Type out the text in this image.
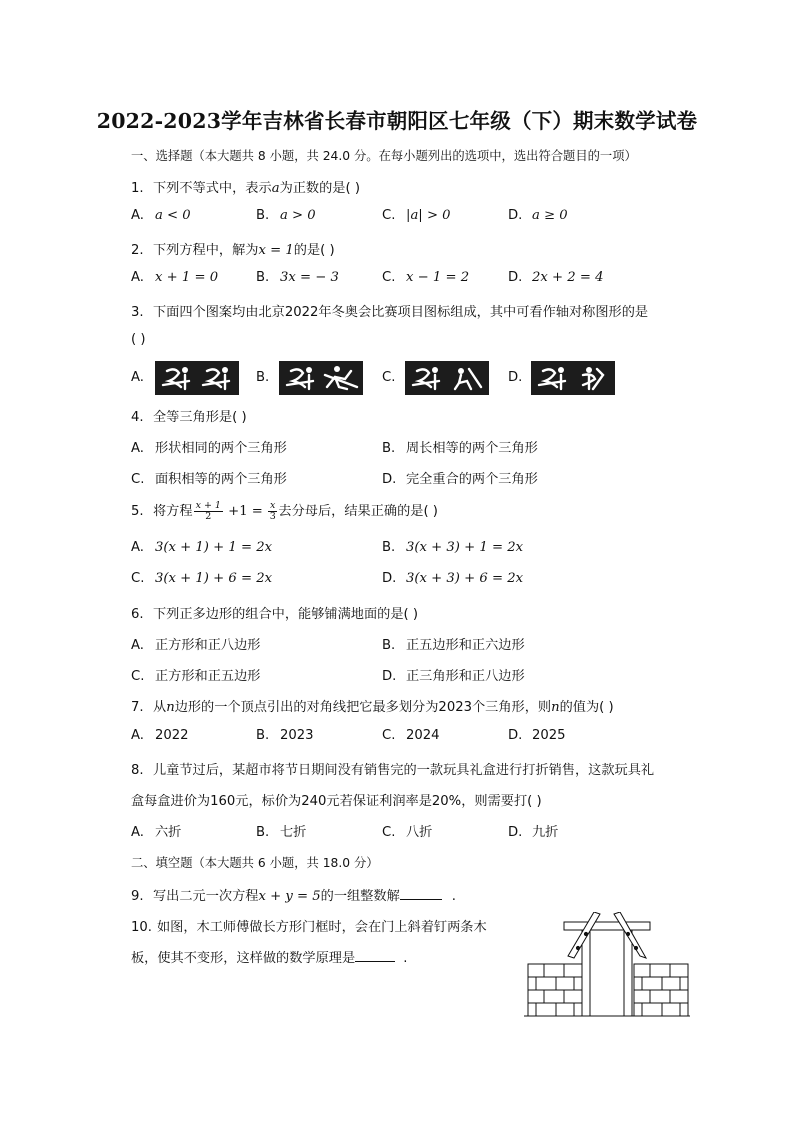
2022-2023学年吉林省长春市朝阳区七年级（下）期末数学试卷
一、选择题（本大题共 8 小题，共 24.0 分。在每小题列出的选项中，选出符合题目的一项）
1. 下列不等式中，表示a为正数的是( )
A. a < 0	B. a > 0	C. |a| > 0	D. a ≥ 0
2. 下列方程中，解为x = 1的是( )
A. x + 1 = 0	B. 3x = − 3	C. x − 1 = 2	D. 2x + 2 = 4
3. 下面四个图案均由北京2022年冬奥会比赛项目图标组成，其中可看作轴对称图形的是
( )
A.	B.	C.	D.
4. 全等三角形是( )
A. 形状相同的两个三角形	B. 周长相等的两个三角形
C. 面积相等的两个三角形	D. 完全重合的两个三角形
5. 将方程 $\frac{x + 1}{2} +1 = \frac{x}{3}$ 去分母后，结果正确的是( )
A. 3(x + 1) + 1 = 2x	B. 3(x + 3) + 1 = 2x
C. 3(x + 1) + 6 = 2x	D. 3(x + 3) + 6 = 2x
6. 下列正多边形的组合中，能够铺满地面的是( )
A. 正方形和正八边形	B. 正五边形和正六边形
C. 正方形和正五边形	D. 正三角形和正八边形
7. 从n边形的一个顶点引出的对角线把它最多划分为2023个三角形，则n的值为( )
A. 2022	B. 2023	C. 2024	D. 2025
8. 儿童节过后，某超市将节日期间没有销售完的一款玩具礼盒进行打折销售，这款玩具礼
盒每盒进价为160元，标价为240元若保证利润率是20%，则需要打( )
A. 六折	B. 七折	C. 八折	D. 九折
二、填空题（本大题共 6 小题，共 18.0 分）
9. 写出二元一次方程x + y = 5的一组整数解	.
10. 如图，木工师傅做长方形门框时，会在门上斜着钉两条木
板，使其不变形，这样做的数学原理是	.
